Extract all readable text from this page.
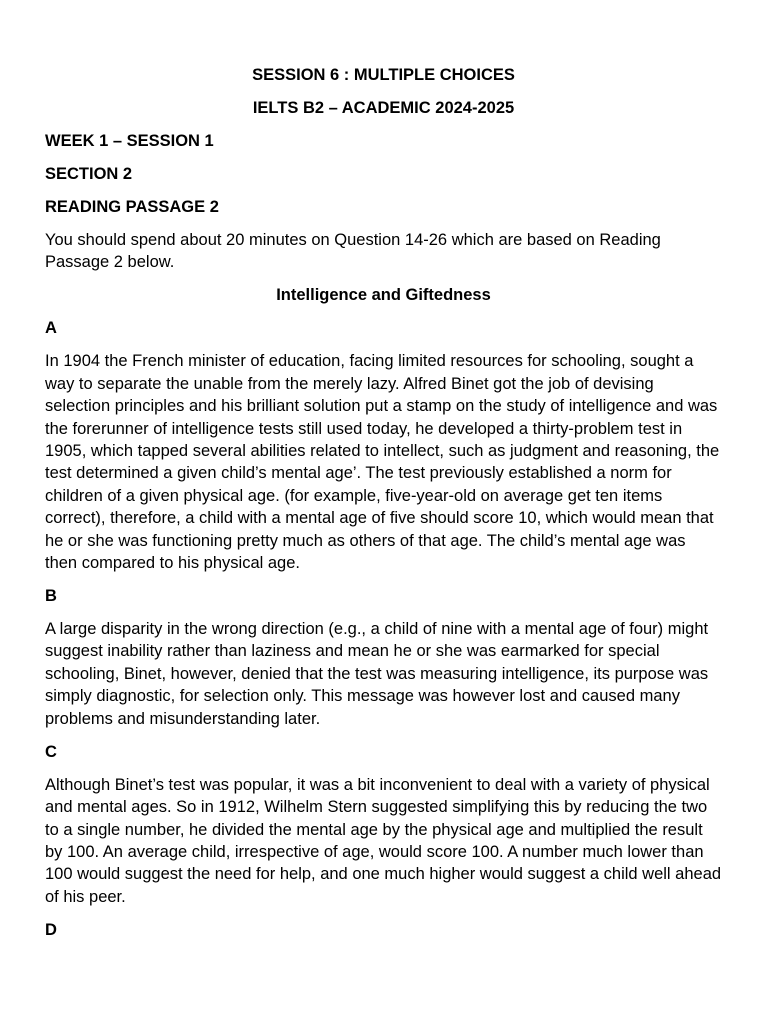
SESSION 6 : MULTIPLE CHOICES
IELTS B2 – ACADEMIC 2024-2025
WEEK 1 – SESSION 1
SECTION 2
READING PASSAGE 2

You should spend about 20 minutes on Question 14-26 which are based on Reading Passage 2 below.

Intelligence and Giftedness
A

In 1904 the French minister of education, facing limited resources for schooling, sought a way to separate the unable from the merely lazy. Alfred Binet got the job of devising selection principles and his brilliant solution put a stamp on the study of intelligence and was the forerunner of intelligence tests still used today, he developed a thirty-problem test in 1905, which tapped several abilities related to intellect, such as judgment and reasoning, the test determined a given child’s mental age’. The test previously established a norm for children of a given physical age. (for example, five-year-old on average get ten items correct), therefore, a child with a mental age of five should score 10, which would mean that he or she was functioning pretty much as others of that age. The child’s mental age was then compared to his physical age.

B

A large disparity in the wrong direction (e.g., a child of nine with a mental age of four) might suggest inability rather than laziness and mean he or she was earmarked for special schooling, Binet, however, denied that the test was measuring intelligence, its purpose was simply diagnostic, for selection only. This message was however lost and caused many problems and misunderstanding later.

C

Although Binet’s test was popular, it was a bit inconvenient to deal with a variety of physical and mental ages. So in 1912, Wilhelm Stern suggested simplifying this by reducing the two to a single number, he divided the mental age by the physical age and multiplied the result by 100. An average child, irrespective of age, would score 100. A number much lower than 100 would suggest the need for help, and one much higher would suggest a child well ahead of his peer.

D
